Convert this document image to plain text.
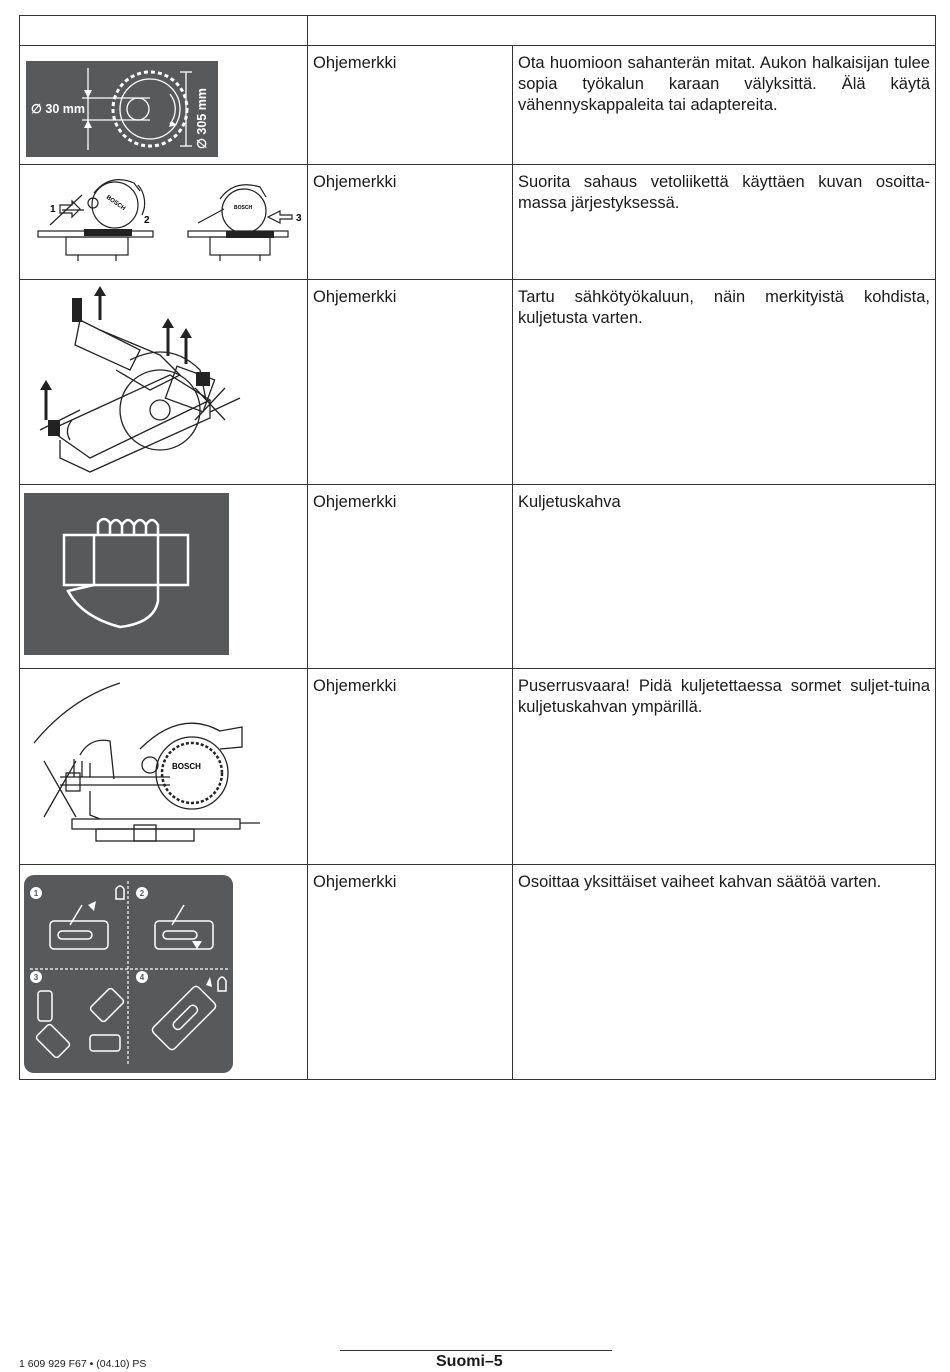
∅ 30 mm ∅ 305 mm	Ohjemerkki	Ota huomioon sahanterän mitat. Aukon halkaisijan tulee sopia työkalun karaan välyksittä. Älä käytä vähennyskappaleita tai adaptereita.

BOSCH BOSCH
1
2 3	Ohjemerkki	Suorita sahaus vetoliikettä käyttäen kuvan osoitta-massa järjestyksessä.

Ohjemerkki	Tartu sähkötyökaluun, näin merkityistä kohdista, kuljetusta varten.

Ohjemerkki	Kuljetuskahva

BOSCH	Ohjemerkki	Puserrusvaara! Pidä kuljetettaessa sormet suljet-tuina kuljetuskahvan ympärillä.

1 2
3 4	Ohjemerkki	Osoittaa yksittäiset vaiheet kahvan säätöä varten.
1 609 929 F67 • (04.10) PS	Suomi–5
